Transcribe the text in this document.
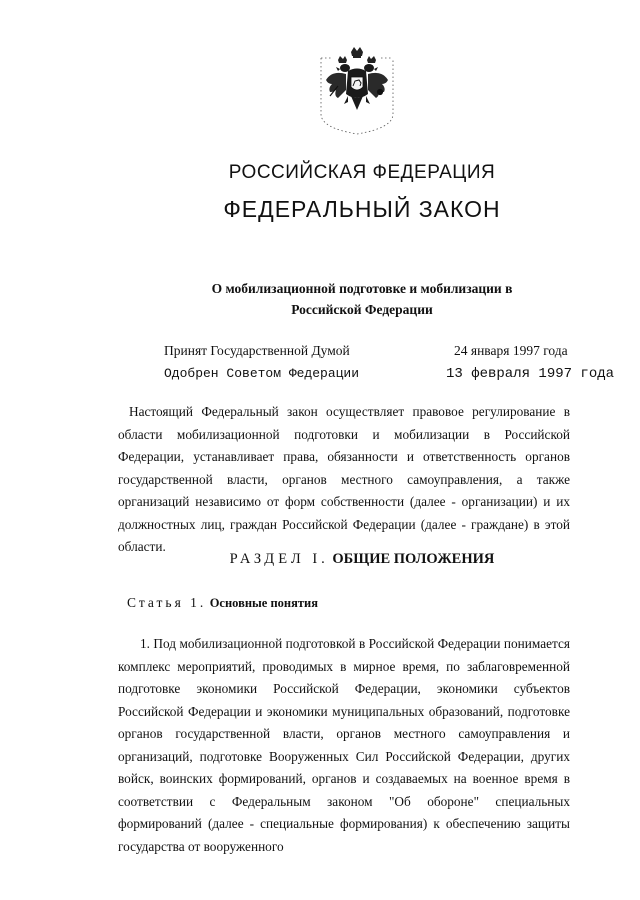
РОССИЙСКАЯ ФЕДЕРАЦИЯ
ФЕДЕРАЛЬНЫЙ ЗАКОН
О мобилизационной подготовке и мобилизации в
Российской Федерации
Принят Государственной Думой	24 января 1997 года
Одобрен Советом Федерации	13 февраля 1997 года
Настоящий Федеральный закон осуществляет правовое регулирование в области мобилизационной подготовки и мобилизации в Российской Федерации, устанавливает права, обязанности и ответственность органов государственной власти, органов местного самоуправления, а также организаций независимо от форм собственности (далее - организации) и их должностных лиц, граждан Российской Федерации (далее - граждане) в этой области.
РАЗДЕЛ I. ОБЩИЕ ПОЛОЖЕНИЯ
Статья 1. Основные понятия
1. Под мобилизационной подготовкой в Российской Федерации понимается комплекс мероприятий, проводимых в мирное время, по заблаговременной подготовке экономики Российской Федерации, экономики субъектов Российской Федерации и экономики муниципальных образований, подготовке органов государственной власти, органов местного самоуправления и организаций, подготовке Вооруженных Сил Российской Федерации, других войск, воинских формирований, органов и создаваемых на военное время в соответствии с Федеральным законом "Об обороне" специальных формирований (далее - специальные формирования) к обеспечению защиты государства от вооруженного
